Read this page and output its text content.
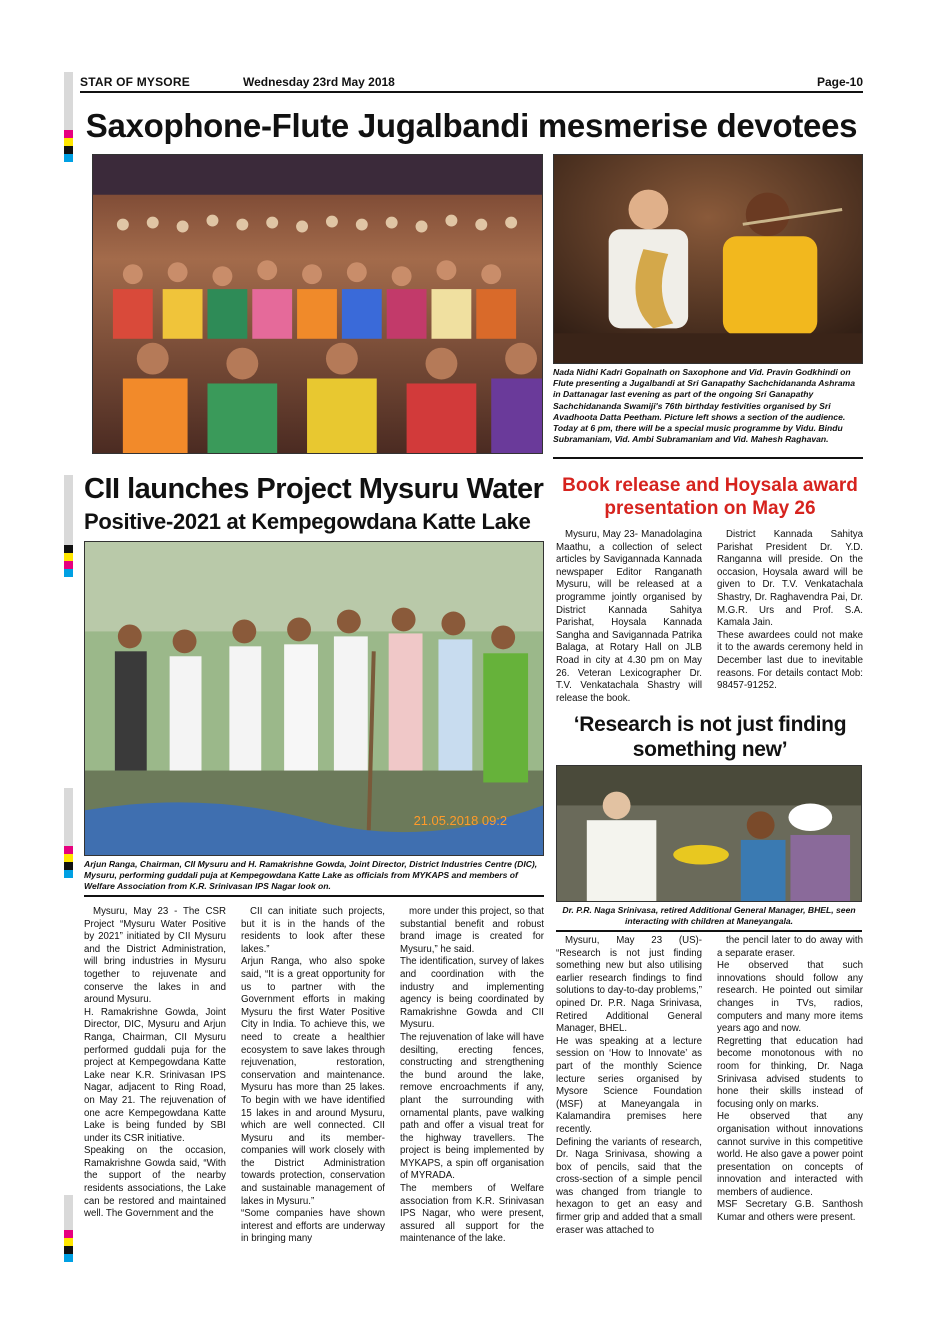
STAR OF MYSORE	Wednesday 23rd May 2018	Page-10
Saxophone-Flute Jugalbandi mesmerise devotees
Nada Nidhi Kadri Gopalnath on Saxophone and Vid. Pravin Godkhindi on Flute presenting a Jugalbandi at Sri Ganapathy Sachchidananda Ashrama in Dattanagar last evening as part of the ongoing Sri Ganapathy Sachchidananda Swamiji's 76th birthday festivities organised by Sri Avadhoota Datta Peetham. Picture left shows a section of the audience. Today at 6 pm, there will be a special music programme by Vidu. Bindu Subramaniam, Vid. Ambi Subramaniam and Vid. Mahesh Raghavan.
CII launches Project Mysuru Water
Positive-2021 at Kempegowdana Katte Lake
21.05.2018 09:2
Arjun Ranga, Chairman, CII Mysuru and H. Ramakrishne Gowda, Joint Director, District Industries Centre (DIC), Mysuru, performing guddali puja at Kempegowdana Katte Lake as officials from MYKAPS and members of Welfare Association from K.R. Srinivasan IPS Nagar look on.

Mysuru, May 23 - The CSR Project “Mysuru Water Positive by 2021” initiated by CII Mysuru and the District Administration, will bring industries in Mysuru together to rejuvenate and conserve the lakes in and around Mysuru.
H. Ramakrishne Gowda, Joint Director, DIC, Mysuru and Arjun Ranga, Chairman, CII Mysuru performed guddali puja for the project at Kempegowdana Katte Lake near K.R. Srinivasan IPS Nagar, adjacent to Ring Road, on May 21. The rejuvenation of one acre Kempegowdana Katte Lake is being funded by SBI under its CSR initiative.
Speaking on the occasion, Ramakrishne Gowda said, “With the support of the nearby residents associations, the Lake can be restored and maintained well. The Government and the

CII can initiate such projects, but it is in the hands of the residents to look after these lakes.”
Arjun Ranga, who also spoke said, “It is a great opportunity for us to partner with the Government efforts in making Mysuru the first Water Positive City in India. To achieve this, we need to create a healthier ecosystem to save lakes through rejuvenation, restoration, conservation and maintenance. Mysuru has more than 25 lakes. To begin with we have identified 15 lakes in and around Mysuru, which are well connected. CII Mysuru and its member-companies will work closely with the District Administration towards protection, conservation and sustainable management of lakes in Mysuru.”
“Some companies have shown interest and efforts are underway in bringing many

more under this project, so that substantial benefit and robust brand image is created for Mysuru,” he said.
The identification, survey of lakes and coordination with the industry and implementing agency is being coordinated by Ramakrishne Gowda and CII Mysuru.
The rejuvenation of lake will have desilting, erecting fences, constructing and strengthening the bund around the lake, remove encroachments if any, plant the surrounding with ornamental plants, pave walking path and offer a visual treat for the highway travellers. The project is being implemented by MYKAPS, a spin off organisation of MYRADA.
The members of Welfare association from K.R. Srinivasan IPS Nagar, who were present, assured all support for the maintenance of the lake.

Book release and Hoysala award presentation on May 26

Mysuru, May 23- Manadolagina Maathu, a collection of select articles by Savigannada Kannada newspaper Editor Ranganath Mysuru, will be released at a programme jointly organised by District Kannada Sahitya Parishat, Hoysala Kannada Sangha and Savigannada Patrika Balaga, at Rotary Hall on JLB Road in city at 4.30 pm on May 26. Veteran Lexicographer Dr. T.V. Venkatachala Shastry will release the book.

District Kannada Sahitya Parishat President Dr. Y.D. Ranganna will preside. On the occasion, Hoysala award will be given to Dr. T.V. Venkatachala Shastry, Dr. Raghavendra Pai, Dr. M.G.R. Urs and Prof. S.A. Kamala Jain.
These awardees could not make it to the awards ceremony held in December last due to inevitable reasons. For details contact Mob: 98457-91252.

‘Research is not just finding something new’
Dr. P.R. Naga Srinivasa, retired Additional General Manager, BHEL, seen interacting with children at Maneyangala.

Mysuru, May 23 (US)- “Research is not just finding something new but also utilising earlier research findings to find solutions to day-to-day problems,” opined Dr. P.R. Naga Srinivasa, Retired Additional General Manager, BHEL.
He was speaking at a lecture session on ‘How to Innovate’ as part of the monthly Science lecture series organised by Mysore Science Foundation (MSF) at Maneyangala in Kalamandira premises here recently.
Defining the variants of research, Dr. Naga Srinivasa, showing a box of pencils, said that the cross-section of a simple pencil was changed from triangle to hexagon to get an easy and firmer grip and added that a small eraser was attached to

the pencil later to do away with a separate eraser.
He observed that such innovations should follow any research. He pointed out similar changes in TVs, radios, computers and many more items years ago and now.
Regretting that education had become monotonous with no room for thinking, Dr. Naga Srinivasa advised students to hone their skills instead of focusing only on marks.
He observed that any organisation without innovations cannot survive in this competitive world. He also gave a power point presentation on concepts of innovation and interacted with members of audience.
MSF Secretary G.B. Santhosh Kumar and others were present.
